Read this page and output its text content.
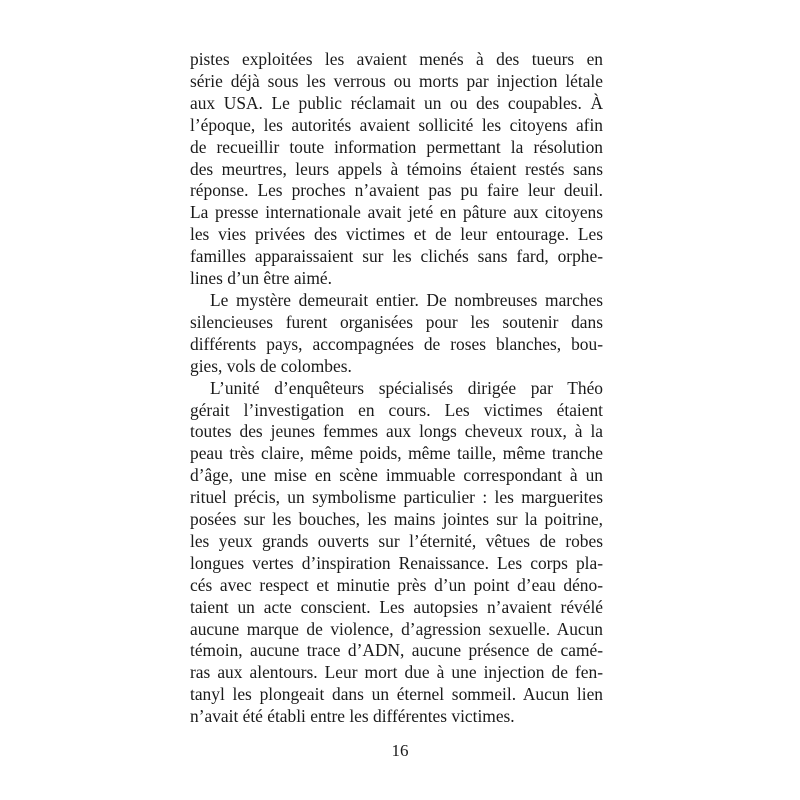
pistes exploitées les avaient menés à des tueurs en
série déjà sous les verrous ou morts par injection létale
aux USA. Le public réclamait un ou des coupables. À
l’époque, les autorités avaient sollicité les citoyens afin
de recueillir toute information permettant la résolution
des meurtres, leurs appels à témoins étaient restés sans
réponse. Les proches n’avaient pas pu faire leur deuil.
La presse internationale avait jeté en pâture aux citoyens
les vies privées des victimes et de leur entourage. Les
familles apparaissaient sur les clichés sans fard, orphe-
lines d’un être aimé.

Le mystère demeurait entier. De nombreuses marches
silencieuses furent organisées pour les soutenir dans
différents pays, accompagnées de roses blanches, bou-
gies, vols de colombes.

L’unité d’enquêteurs spécialisés dirigée par Théo
gérait l’investigation en cours. Les victimes étaient
toutes des jeunes femmes aux longs cheveux roux, à la
peau très claire, même poids, même taille, même tranche
d’âge, une mise en scène immuable correspondant à un
rituel précis, un symbolisme particulier : les marguerites
posées sur les bouches, les mains jointes sur la poitrine,
les yeux grands ouverts sur l’éternité, vêtues de robes
longues vertes d’inspiration Renaissance. Les corps pla-
cés avec respect et minutie près d’un point d’eau déno-
taient un acte conscient. Les autopsies n’avaient révélé
aucune marque de violence, d’agression sexuelle. Aucun
témoin, aucune trace d’ADN, aucune présence de camé-
ras aux alentours. Leur mort due à une injection de fen-
tanyl les plongeait dans un éternel sommeil. Aucun lien
n’avait été établi entre les différentes victimes.

16
